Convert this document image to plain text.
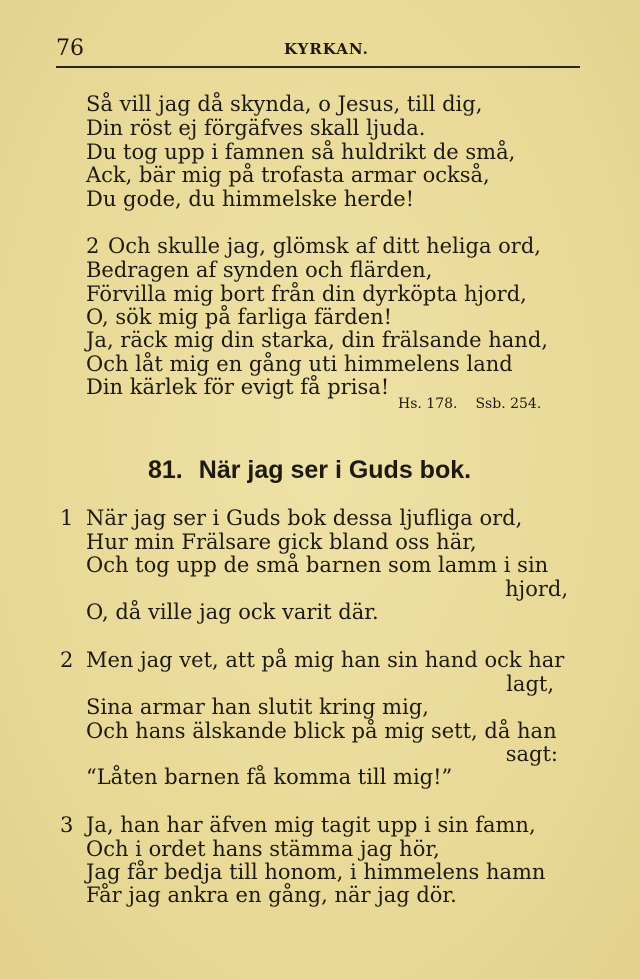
76	KYRKAN.
Så vill jag då skynda, o Jesus, till dig,
Din röst ej förgäfves skall ljuda.
Du tog upp i famnen så huldrikt de små,
Ack, bär mig på trofasta armar också,
Du gode, du himmelske herde!
2 Och skulle jag, glömsk af ditt heliga ord,
Bedragen af synden och flärden,
Förvilla mig bort från din dyrköpta hjord,
O, sök mig på farliga färden!
Ja, räck mig din starka, din frälsande hand,
Och låt mig en gång uti himmelens land
Din kärlek för evigt få prisa!
Hs. 178. Ssb. 254.
81. När jag ser i Guds bok.
1 När jag ser i Guds bok dessa ljufliga ord,
Hur min Frälsare gick bland oss här,
Och tog upp de små barnen som lamm i sin
hjord,
O, då ville jag ock varit där.
2 Men jag vet, att på mig han sin hand ock har
lagt,
Sina armar han slutit kring mig,
Och hans älskande blick på mig sett, då han
sagt:
“Låten barnen få komma till mig!”
3 Ja, han har äfven mig tagit upp i sin famn,
Och i ordet hans stämma jag hör,
Jag får bedja till honom, i himmelens hamn
Får jag ankra en gång, när jag dör.
